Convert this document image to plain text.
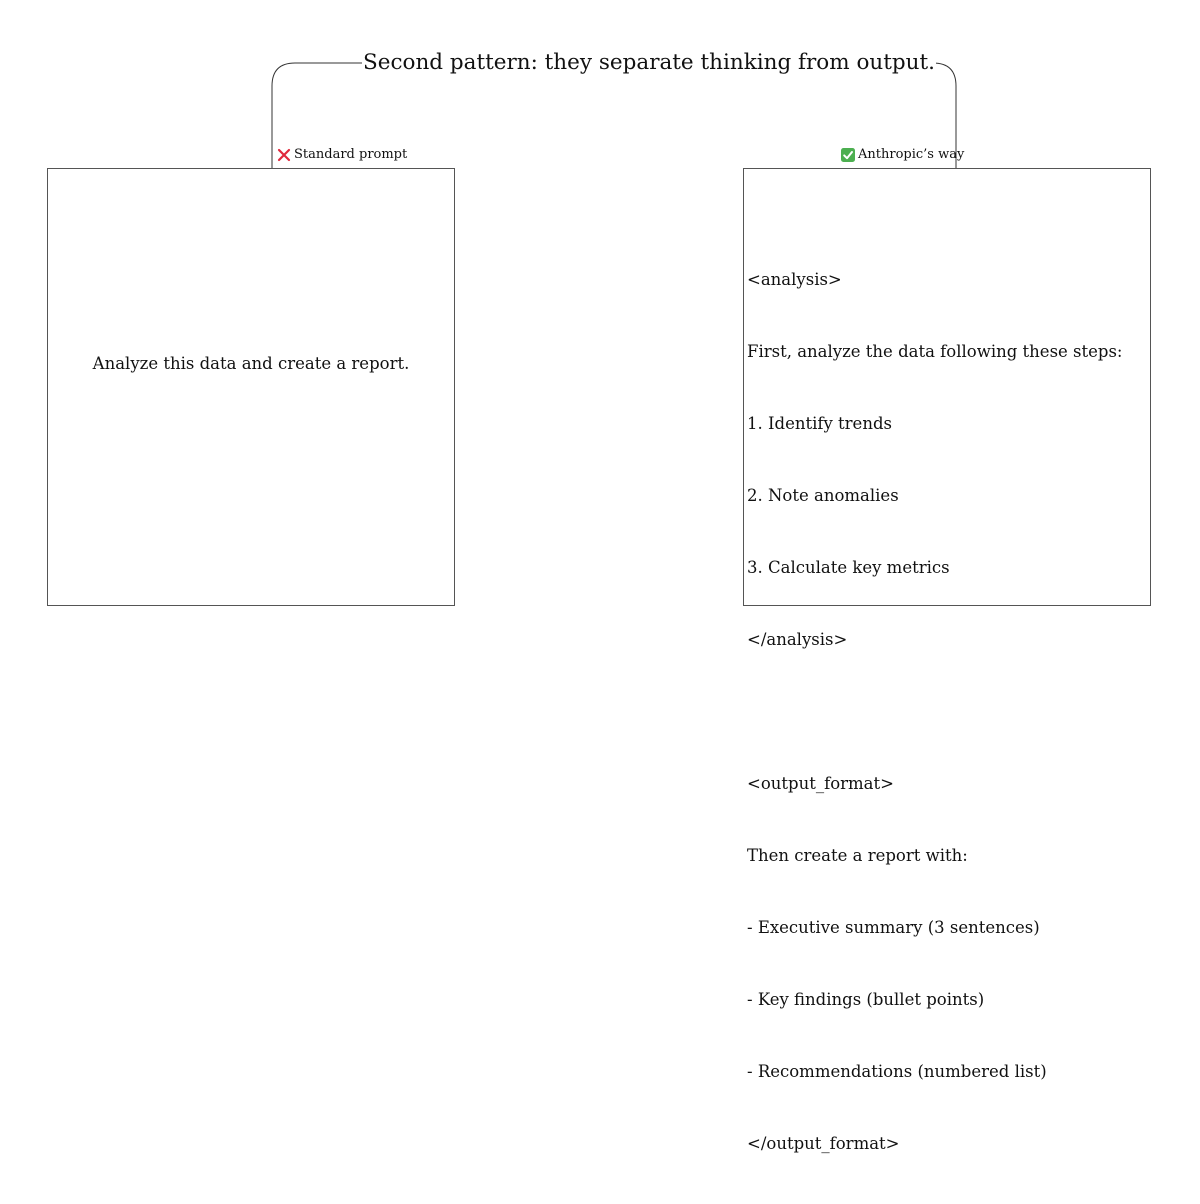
Second pattern: they separate thinking from output.
Standard prompt	Anthropic’s way
Analyze this data and create a report.

<analysis>

First, analyze the data following these steps:

1. Identify trends

2. Note anomalies

3. Calculate key metrics

</analysis>

<output_format>

Then create a report with:

- Executive summary (3 sentences)

- Key findings (bullet points)

- Recommendations (numbered list)

</output_format>
